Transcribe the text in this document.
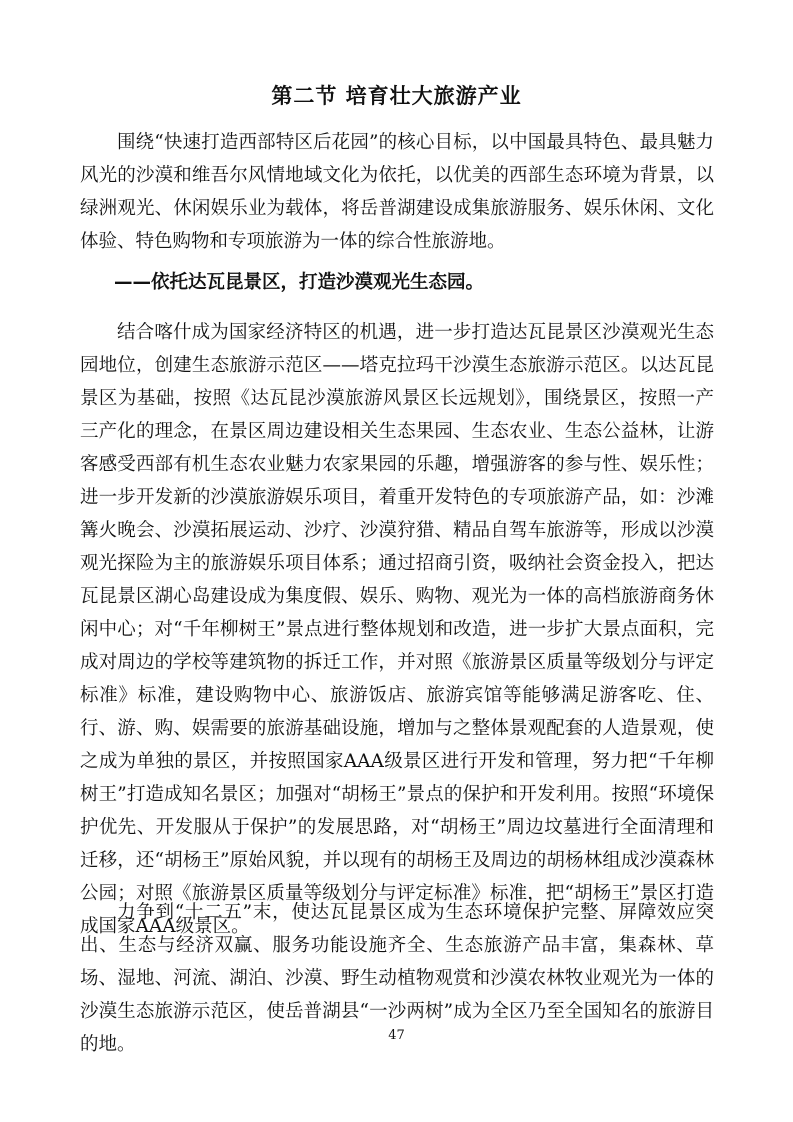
第二节 培育壮大旅游产业
围绕“快速打造西部特区后花园”的核心目标，以中国最具特色、最具魅力风光的沙漠和维吾尔风情地域文化为依托，以优美的西部生态环境为背景，以绿洲观光、休闲娱乐业为载体，将岳普湖建设成集旅游服务、娱乐休闲、文化体验、特色购物和专项旅游为一体的综合性旅游地。
——依托达瓦昆景区，打造沙漠观光生态园。
结合喀什成为国家经济特区的机遇，进一步打造达瓦昆景区沙漠观光生态园地位，创建生态旅游示范区——塔克拉玛干沙漠生态旅游示范区。以达瓦昆景区为基础，按照《达瓦昆沙漠旅游风景区长远规划》，围绕景区，按照一产三产化的理念，在景区周边建设相关生态果园、生态农业、生态公益林，让游客感受西部有机生态农业魅力农家果园的乐趣，增强游客的参与性、娱乐性；进一步开发新的沙漠旅游娱乐项目，着重开发特色的专项旅游产品，如：沙滩篝火晚会、沙漠拓展运动、沙疗、沙漠狩猎、精品自驾车旅游等，形成以沙漠观光探险为主的旅游娱乐项目体系；通过招商引资，吸纳社会资金投入，把达瓦昆景区湖心岛建设成为集度假、娱乐、购物、观光为一体的高档旅游商务休闲中心；对“千年柳树王”景点进行整体规划和改造，进一步扩大景点面积，完成对周边的学校等建筑物的拆迁工作，并对照《旅游景区质量等级划分与评定标准》标准，建设购物中心、旅游饭店、旅游宾馆等能够满足游客吃、住、行、游、购、娱需要的旅游基础设施，增加与之整体景观配套的人造景观，使之成为单独的景区，并按照国家AAA级景区进行开发和管理，努力把“千年柳树王”打造成知名景区；加强对“胡杨王”景点的保护和开发利用。按照“环境保护优先、开发服从于保护”的发展思路，对“胡杨王”周边坟墓进行全面清理和迁移，还“胡杨王”原始风貌，并以现有的胡杨王及周边的胡杨林组成沙漠森林公园；对照《旅游景区质量等级划分与评定标准》标准，把“胡杨王”景区打造成国家AAA级景区。
力争到“十二五”末，使达瓦昆景区成为生态环境保护完整、屏障效应突出、生态与经济双赢、服务功能设施齐全、生态旅游产品丰富，集森林、草场、湿地、河流、湖泊、沙漠、野生动植物观赏和沙漠农林牧业观光为一体的沙漠生态旅游示范区，使岳普湖县“一沙两树”成为全区乃至全国知名的旅游目的地。	47
